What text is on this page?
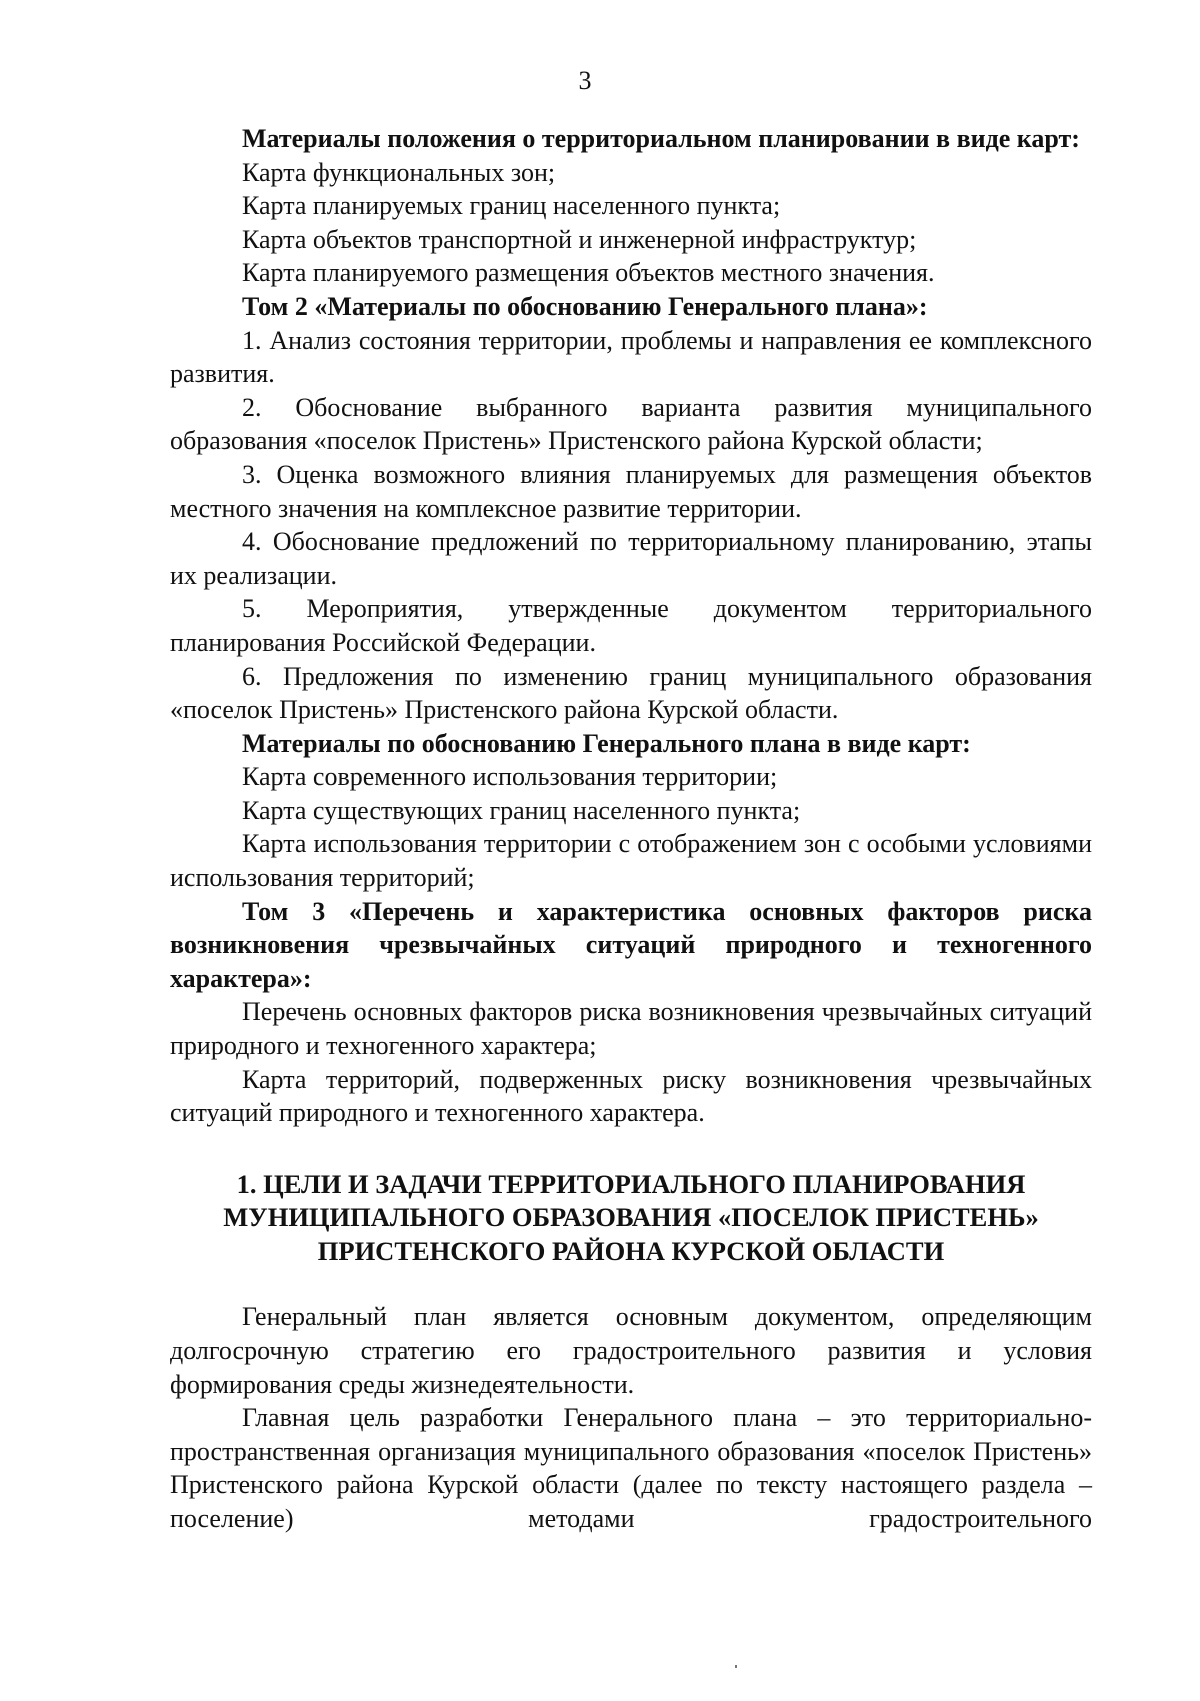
3

Материалы положения о территориальном планировании в виде карт:

Карта функциональных зон;

Карта планируемых границ населенного пункта;

Карта объектов транспортной и инженерной инфраструктур;

Карта планируемого размещения объектов местного значения.

Том 2 «Материалы по обоснованию Генерального плана»:

1. Анализ состояния территории, проблемы и направления ее комплексного развития.

2. Обоснование выбранного варианта развития муниципального образования «поселок Пристень» Пристенского района Курской области;

3. Оценка возможного влияния планируемых для размещения объектов местного значения на комплексное развитие территории.

4. Обоснование предложений по территориальному планированию, этапы их реализации.

5. Мероприятия, утвержденные документом территориального планирования Российской Федерации.

6. Предложения по изменению границ муниципального образования «поселок Пристень» Пристенского района Курской области.

Материалы по обоснованию Генерального плана в виде карт:

Карта современного использования территории;

Карта существующих границ населенного пункта;

Карта использования территории с отображением зон с особыми условиями использования территорий;

Том 3 «Перечень и характеристика основных факторов риска возникновения чрезвычайных ситуаций природного и техногенного характера»:

Перечень основных факторов риска возникновения чрезвычайных ситуаций природного и техногенного характера;

Карта территорий, подверженных риску возникновения чрезвычайных ситуаций природного и техногенного характера.

1. ЦЕЛИ И ЗАДАЧИ ТЕРРИТОРИАЛЬНОГО ПЛАНИРОВАНИЯ
МУНИЦИПАЛЬНОГО ОБРАЗОВАНИЯ «ПОСЕЛОК ПРИСТЕНЬ»
ПРИСТЕНСКОГО РАЙОНА КУРСКОЙ ОБЛАСТИ

Генеральный план является основным документом, определяющим долгосрочную стратегию его градостроительного развития и условия формирования среды жизнедеятельности.

Главная цель разработки Генерального плана – это территориально-пространственная организация муниципального образования «поселок Пристень» Пристенского района Курской области (далее по тексту настоящего раздела – поселение) методами градостроительного
